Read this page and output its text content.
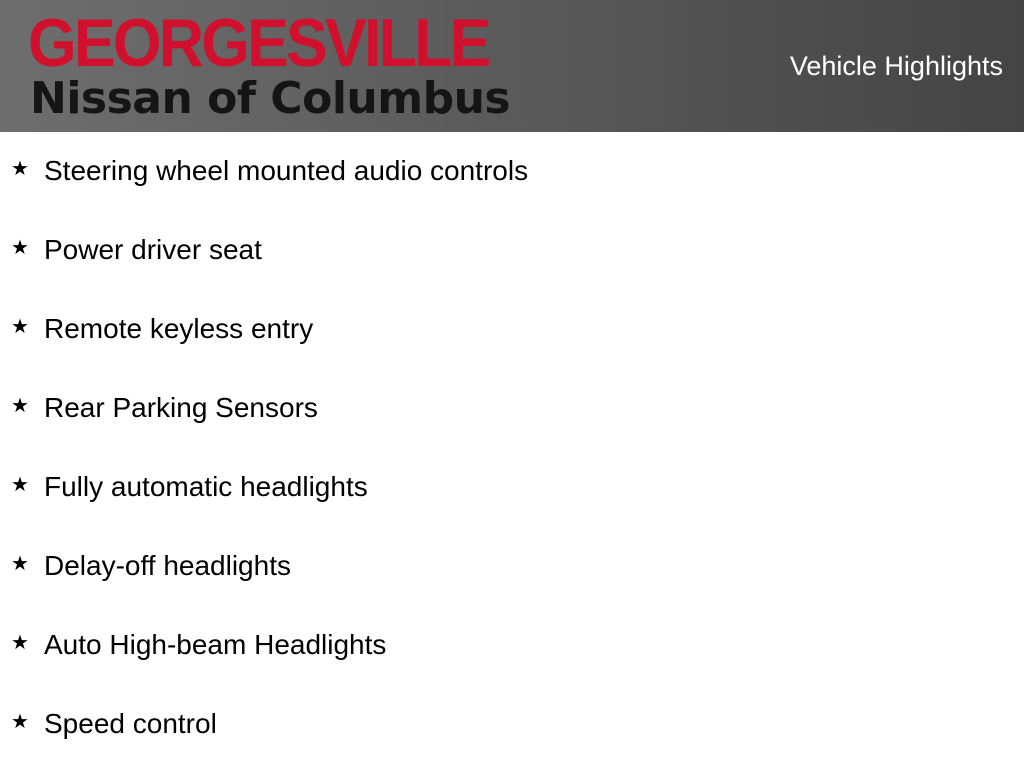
GEORGESVILLE
Nissan of Columbus
Vehicle Highlights
★ Steering wheel mounted audio controls
★ Power driver seat
★ Remote keyless entry
★ Rear Parking Sensors
★ Fully automatic headlights
★ Delay-off headlights
★ Auto High-beam Headlights
★ Speed control
